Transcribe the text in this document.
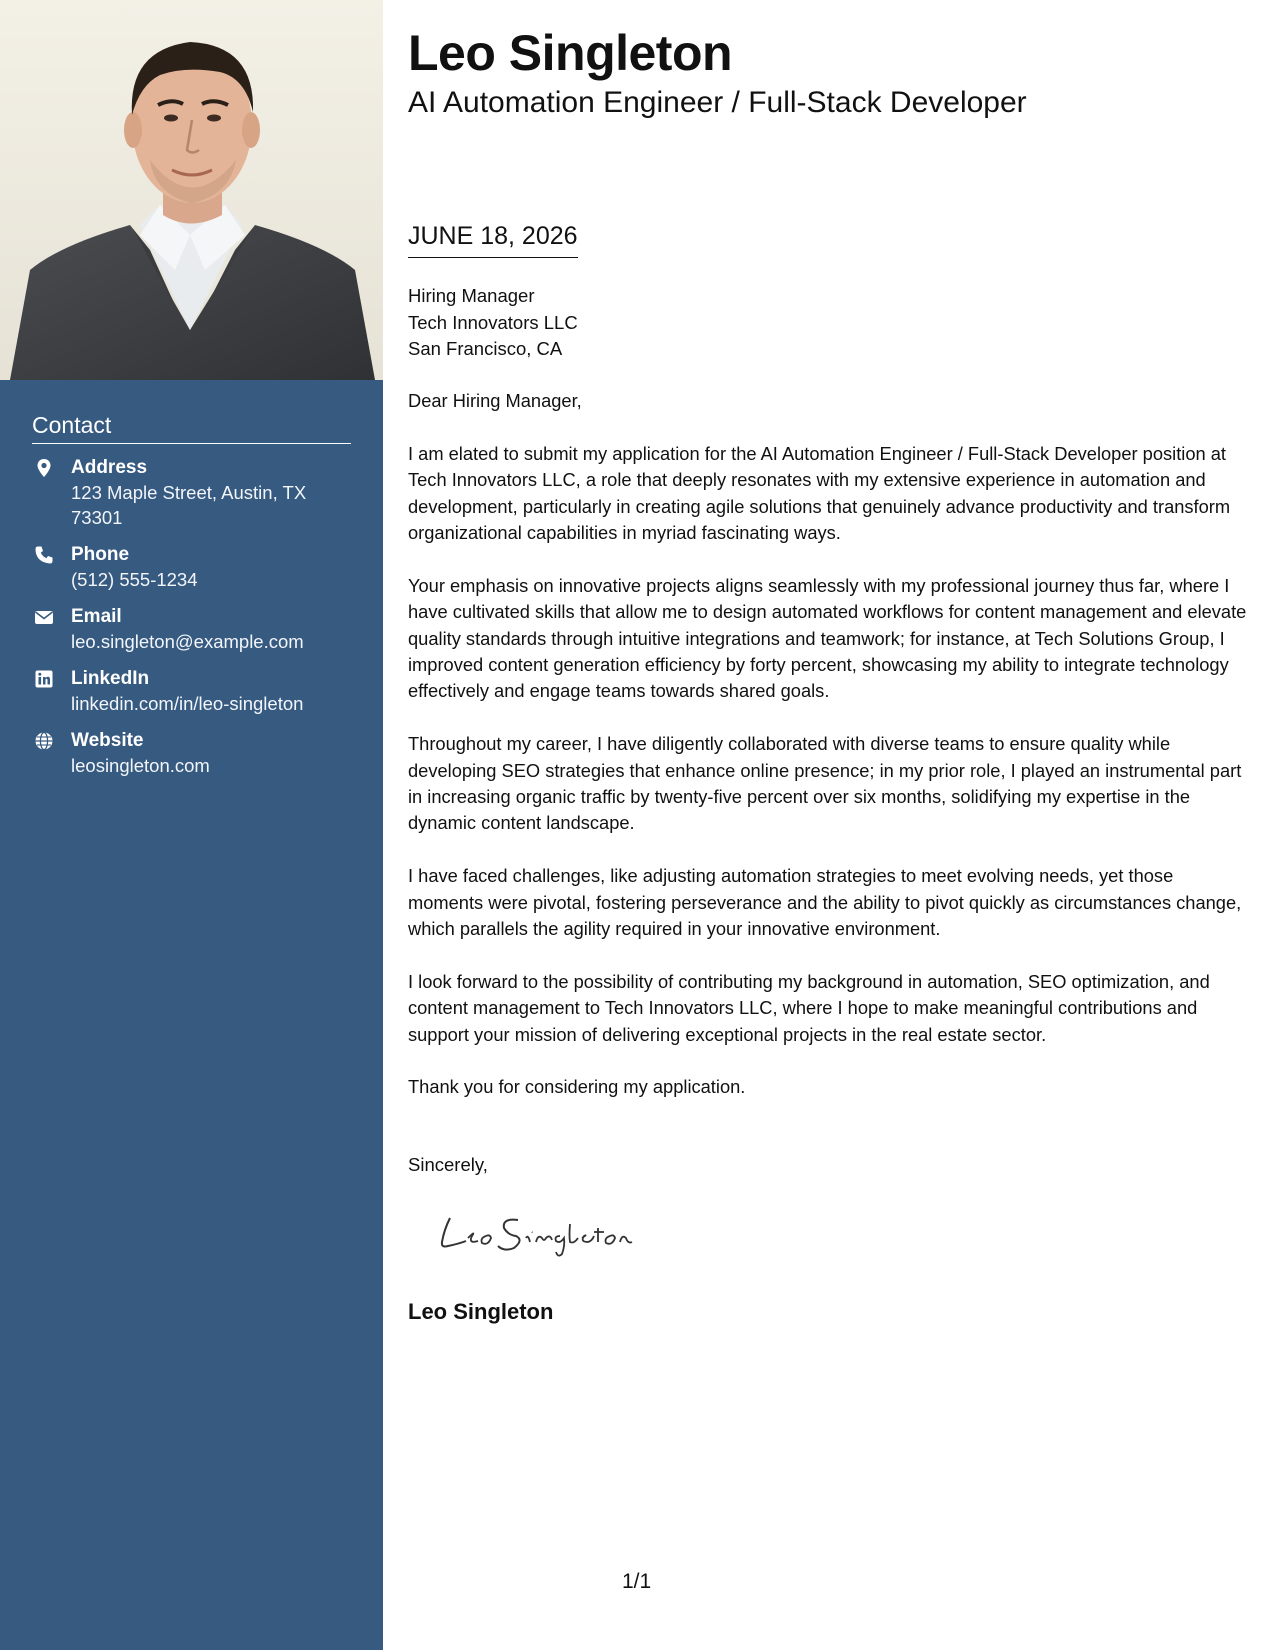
Contact
Address
123 Maple Street, Austin, TX 73301
Phone
(512) 555-1234
Email
leo.singleton@example.com
LinkedIn
linkedin.com/in/leo-singleton
Website
leosingleton.com
Leo Singleton
AI Automation Engineer / Full-Stack Developer
JUNE 18, 2026
Hiring Manager
Tech Innovators LLC
San Francisco, CA

Dear Hiring Manager,

I am elated to submit my application for the AI Automation Engineer / Full-Stack Developer position at Tech Innovators LLC, a role that deeply resonates with my extensive experience in automation and development, particularly in creating agile solutions that genuinely advance productivity and transform organizational capabilities in myriad fascinating ways.

Your emphasis on innovative projects aligns seamlessly with my professional journey thus far, where I have cultivated skills that allow me to design automated workflows for content management and elevate quality standards through intuitive integrations and teamwork; for instance, at Tech Solutions Group, I improved content generation efficiency by forty percent, showcasing my ability to integrate technology effectively and engage teams towards shared goals.

Throughout my career, I have diligently collaborated with diverse teams to ensure quality while developing SEO strategies that enhance online presence; in my prior role, I played an instrumental part in increasing organic traffic by twenty-five percent over six months, solidifying my expertise in the dynamic content landscape.

I have faced challenges, like adjusting automation strategies to meet evolving needs, yet those moments were pivotal, fostering perseverance and the ability to pivot quickly as circumstances change, which parallels the agility required in your innovative environment.

I look forward to the possibility of contributing my background in automation, SEO optimization, and content management to Tech Innovators LLC, where I hope to make meaningful contributions and support your mission of delivering exceptional projects in the real estate sector.

Thank you for considering my application.

Sincerely,
Leo Singleton
1/1
